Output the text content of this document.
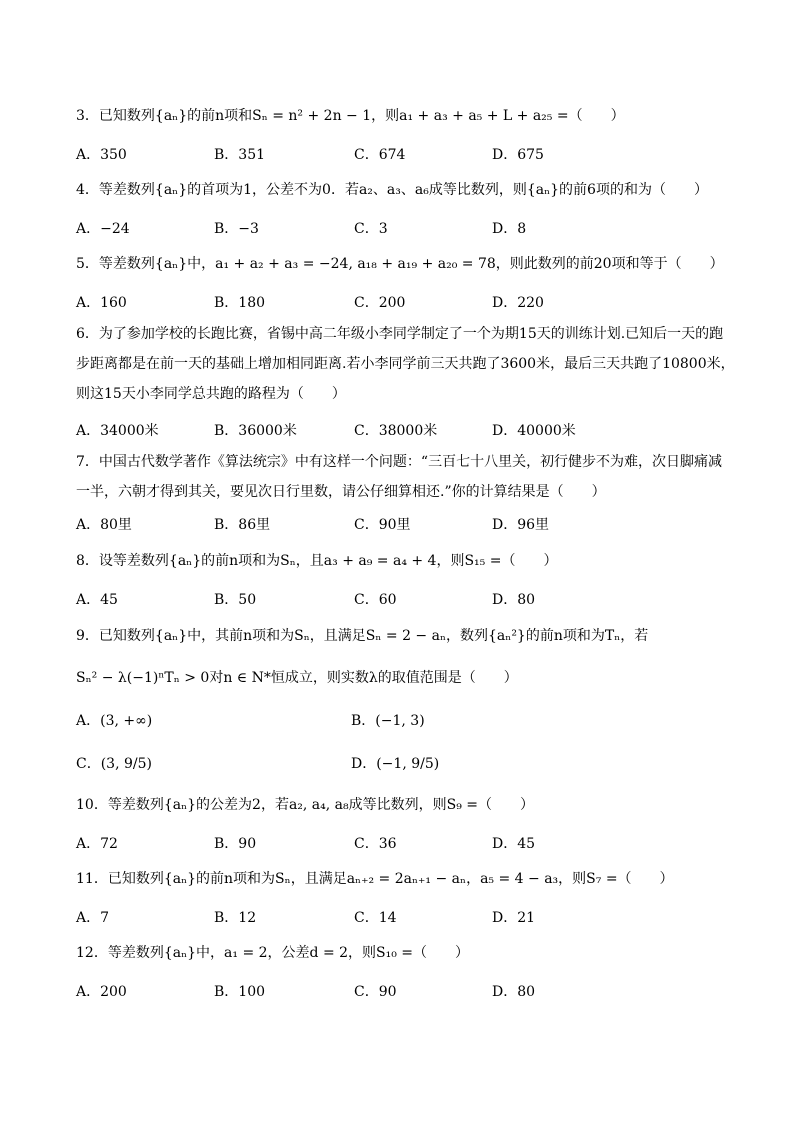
3．已知数列{aₙ}的前n项和Sₙ = n² + 2n − 1，则a₁ + a₃ + a₅ + L + a₂₅ =（　　）
A．350	B．351	C．674	D．675
4．等差数列{aₙ}的首项为1，公差不为0．若a₂、a₃、a₆成等比数列，则{aₙ}的前6项的和为（　　）
A．−24	B．−3	C．3	D．8
5．等差数列{aₙ}中，a₁ + a₂ + a₃ = −24, a₁₈ + a₁₉ + a₂₀ = 78，则此数列的前20项和等于（　　）
A．160	B．180	C．200	D．220
6．为了参加学校的长跑比赛，省锡中高二年级小李同学制定了一个为期15天的训练计划.已知后一天的跑
步距离都是在前一天的基础上增加相同距离.若小李同学前三天共跑了3600米，最后三天共跑了10800米，
则这15天小李同学总共跑的路程为（　　）
A．34000米	B．36000米	C．38000米	D．40000米
7．中国古代数学著作《算法统宗》中有这样一个问题：“三百七十八里关，初行健步不为难，次日脚痛减
一半，六朝才得到其关，要见次日行里数，请公仔细算相还.”你的计算结果是（　　）
A．80里	B．86里	C．90里	D．96里
8．设等差数列{aₙ}的前n项和为Sₙ，且a₃ + a₉ = a₄ + 4，则S₁₅ =（　　）
A．45	B．50	C．60	D．80
9．已知数列{aₙ}中，其前n项和为Sₙ，且满足Sₙ = 2 − aₙ，数列{aₙ²}的前n项和为Tₙ，若
Sₙ² − λ(−1)ⁿTₙ > 0对n ∈ N*恒成立，则实数λ的取值范围是（　　）
A．(3, +∞)	B．(−1, 3)
C．(3, 9/5)	D．(−1, 9/5)
10．等差数列{aₙ}的公差为2，若a₂, a₄, a₈成等比数列，则S₉ =（　　）
A．72	B．90	C．36	D．45
11．已知数列{aₙ}的前n项和为Sₙ，且满足aₙ₊₂ = 2aₙ₊₁ − aₙ，a₅ = 4 − a₃，则S₇ =（　　）
A．7	B．12	C．14	D．21
12．等差数列{aₙ}中，a₁ = 2，公差d = 2，则S₁₀ =（　　）
A．200	B．100	C．90	D．80
